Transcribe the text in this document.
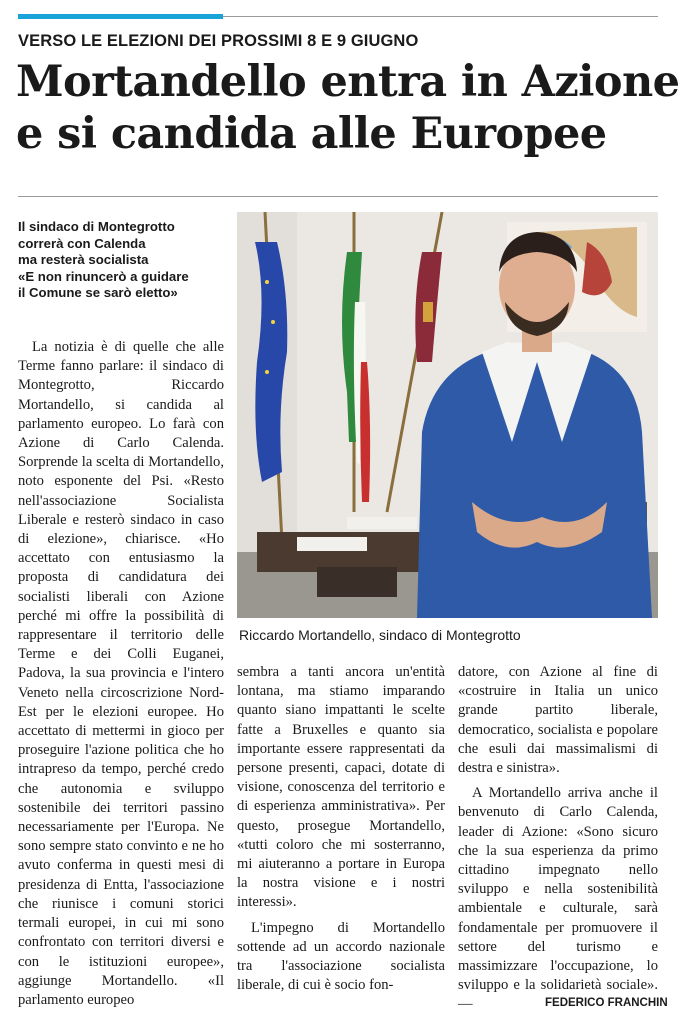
VERSO LE ELEZIONI DEI PROSSIMI 8 E 9 GIUGNO
Mortandello entra in Azione
e si candida alle Europee
Il sindaco di Montegrotto
correrà con Calenda
ma resterà socialista
«E non rinuncerò a guidare
il Comune se sarò eletto»

La notizia è di quelle che alle Terme fanno parlare: il sindaco di Montegrotto, Riccardo Mortandello, si candida al parlamento europeo. Lo farà con Azione di Carlo Calenda. Sorprende la scelta di Mortandello, noto esponente del Psi. «Resto nell'associazione Socialista Liberale e resterò sindaco in caso di elezione», chiarisce. «Ho accettato con entusiasmo la proposta di candidatura dei socialisti liberali con Azione perché mi offre la possibilità di rappresentare il territorio delle Terme e dei Colli Euganei, Padova, la sua provincia e l'intero Veneto nella circoscrizione Nord-Est per le elezioni europee. Ho accettato di mettermi in gioco per proseguire l'azione politica che ho intrapreso da tempo, perché credo che autonomia e sviluppo sostenibile dei territori passino necessariamente per l'Europa. Ne sono sempre stato convinto e ne ho avuto conferma in questi mesi di presidenza di Entta, l'associazione che riunisce i comuni storici termali europei, in cui mi sono confrontato con territori diversi e con le istituzioni europee», aggiunge Mortandello. «Il parlamento europeo

Riccardo Mortandello, sindaco di Montegrotto

sembra a tanti ancora un'entità lontana, ma stiamo imparando quanto siano impattanti le scelte fatte a Bruxelles e quanto sia importante essere rappresentati da persone presenti, capaci, dotate di visione, conoscenza del territorio e di esperienza amministrativa». Per questo, prosegue Mortandello, «tutti coloro che mi sosterranno, mi aiuteranno a portare in Europa la nostra visione e i nostri interessi».

L'impegno di Mortandello sottende ad un accordo nazionale tra l'associazione socialista liberale, di cui è socio fon-

datore, con Azione al fine di «costruire in Italia un unico grande partito liberale, democratico, socialista e popolare che esuli dai massimalismi di destra e sinistra».

A Mortandello arriva anche il benvenuto di Carlo Calenda, leader di Azione: «Sono sicuro che la sua esperienza da primo cittadino impegnato nello sviluppo e nella sostenibilità ambientale e culturale, sarà fondamentale per promuovere il settore del turismo e massimizzare l'occupazione, lo sviluppo e la solidarietà sociale». —	FEDERICO FRANCHIN
